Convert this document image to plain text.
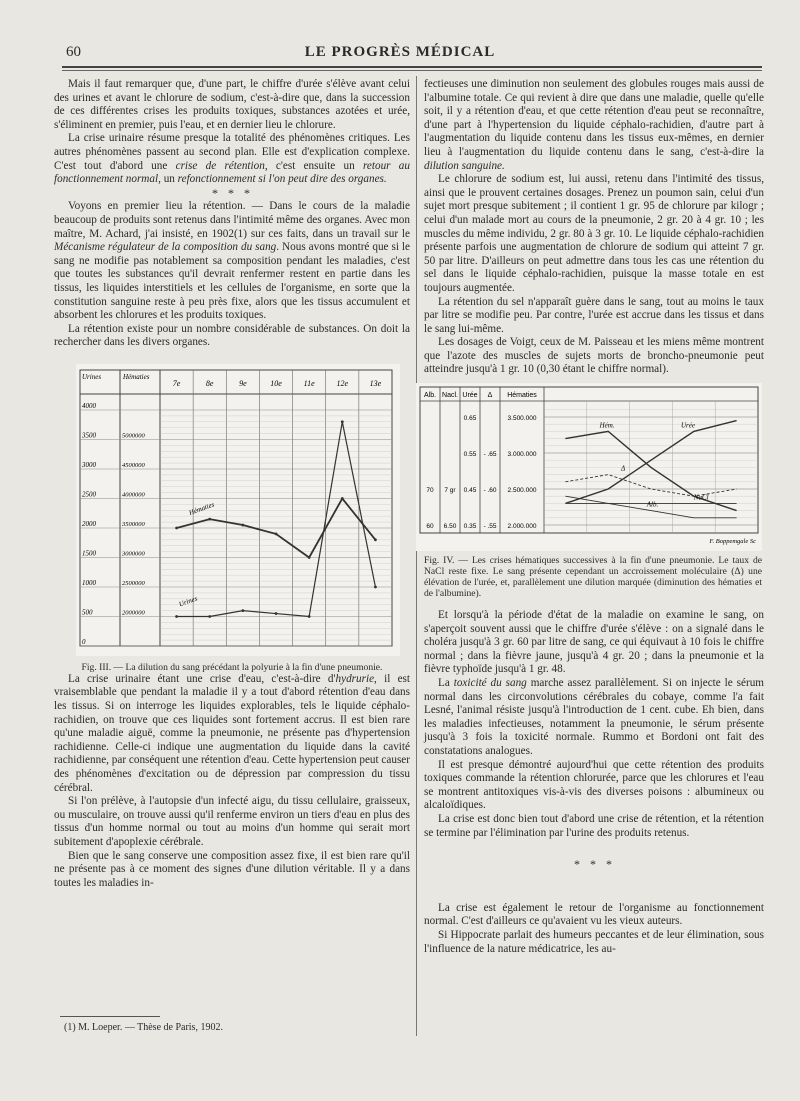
60	LE PROGRÈS MÉDICAL

Mais il faut remarquer que, d'une part, le chiffre d'urée s'élève avant celui des urines et avant le chlorure de sodium, c'est-à-dire que, dans la succession de ces différentes crises les produits toxiques, substances azotées et urée, s'éliminent en premier, puis l'eau, et en dernier lieu le chlorure.

La crise urinaire résume presque la totalité des phénomènes critiques. Les autres phénomènes passent au second plan. Elle est d'explication complexe. C'est tout d'abord une crise de rétention, c'est ensuite un retour au fonctionnement normal, un refonctionnement si l'on peut dire des organes.

* * *

Voyons en premier lieu la rétention. — Dans le cours de la maladie beaucoup de produits sont retenus dans l'intimité même des organes. Avec mon maître, M. Achard, j'ai insisté, en 1902(1) sur ces faits, dans un travail sur le Mécanisme régulateur de la composition du sang. Nous avons montré que si le sang ne modifie pas notablement sa composition pendant les maladies, c'est que toutes les substances qu'il devrait renfermer restent en partie dans les tissus, les liquides interstitiels et les cellules de l'organisme, en sorte que la constitution sanguine reste à peu près fixe, alors que les tissus accumulent et absorbent les chlorures et les produits toxiques.

La rétention existe pour un nombre considérable de substances. On doit la rechercher dans les divers organes.

Urines	Hématies
7e	8e	9e	10e	11e	12e	13e
4000
3500
3000
2500
2000
1500
1000
500
0
5000000
4500000
4000000
3500000
3000000
2500000
2000000
Hématies
Urines

Fig. III. — La dilution du sang précédant la polyurie à la fin d'une pneumonie.

La crise urinaire étant une crise d'eau, c'est-à-dire d'hydrurie, il est vraisemblable que pendant la maladie il y a tout d'abord rétention d'eau dans les tissus. Si on interroge les liquides explorables, tels le liquide céphalo-rachidien, on trouve que ces liquides sont fortement accrus. Il est bien rare qu'une maladie aiguë, comme la pneumonie, ne présente pas d'hypertension rachidienne. Celle-ci indique une augmentation du liquide dans la cavité rachidienne, par conséquent une rétention d'eau. Cette hypertension peut causer des phénomènes d'excitation ou de dépression par compression du tissu cérébral.

Si l'on prélève, à l'autopsie d'un infecté aigu, du tissu cellulaire, graisseux, ou musculaire, on trouve aussi qu'il renferme environ un tiers d'eau en plus des tissus d'un homme normal ou tout au moins d'un homme qui serait mort subitement d'apoplexie cérébrale.

Bien que le sang conserve une composition assez fixe, il est bien rare qu'il ne présente pas à ce moment des signes d'une dilution véritable. Il y a dans toutes les maladies in-

fectieuses une diminution non seulement des globules rouges mais aussi de l'albumine totale. Ce qui revient à dire que dans une maladie, quelle qu'elle soit, il y a rétention d'eau, et que cette rétention d'eau peut se reconnaître, d'une part à l'hypertension du liquide céphalo-rachidien, d'autre part à l'augmentation du liquide contenu dans les tissus eux-mêmes, en dernier lieu à l'augmentation du liquide contenu dans le sang, c'est-à-dire la dilution sanguine.

Le chlorure de sodium est, lui aussi, retenu dans l'intimité des tissus, ainsi que le prouvent certaines dosages. Prenez un poumon sain, celui d'un sujet mort presque subitement ; il contient 1 gr. 95 de chlorure par kilogr ; celui d'un malade mort au cours de la pneumonie, 2 gr. 20 à 4 gr. 10 ; les muscles du même individu, 2 gr. 80 à 3 gr. 10. Le liquide céphalo-rachidien présente parfois une augmentation de chlorure de sodium qui atteint 7 gr. 50 par litre. D'ailleurs on peut admettre dans tous les cas une rétention du sel dans le liquide céphalo-rachidien, puisque la masse totale en est toujours augmentée.

La rétention du sel n'apparaît guère dans le sang, tout au moins le taux par litre se modifie peu. Par contre, l'urée est accrue dans les tissus et dans le sang lui-même.

Les dosages de Voigt, ceux de M. Paisseau et les miens même montrent que l'azote des muscles de sujets morts de broncho-pneumonie peut atteindre jusqu'à 1 gr. 10 (0,30 étant le chiffre normal).

Alb. Nacl. Urée Δ Hématies
0.65	3.500.000
0.55 - .65 3.000.000
70 7 gr 0.45 - .60 2.500.000
60 6.50 0.35 - .55 2.000.000
Hém.	Urée
NaCl
Alb.
Δ
F. Boppemgale Sc

Fig. IV. — Les crises hématiques successives à la fin d'une pneumonie. Le taux de NaCl reste fixe. Le sang présente cependant un accroissement moléculaire (Δ) une élévation de l'urée, et, parallèlement une dilution marquée (diminution des hématies et de l'albumine).

Et lorsqu'à la période d'état de la maladie on examine le sang, on s'aperçoit souvent aussi que le chiffre d'urée s'élève : on a signalé dans le choléra jusqu'à 3 gr. 60 par litre de sang, ce qui équivaut à 10 fois le chiffre normal ; dans la fièvre jaune, jusqu'à 4 gr. 20 ; dans la pneumonie et la fièvre typhoïde jusqu'à 1 gr. 48.

La toxicité du sang marche assez parallèlement. Si on injecte le sérum normal dans les circonvolutions cérébrales du cobaye, comme l'a fait Lesné, l'animal résiste jusqu'à l'introduction de 1 cent. cube. Eh bien, dans les maladies infectieuses, notamment la pneumonie, le sérum présente jusqu'à 3 fois la toxicité normale. Rummo et Bordoni ont fait des constatations analogues.

Il est presque démontré aujourd'hui que cette rétention des produits toxiques commande la rétention chlorurée, parce que les chlorures et l'eau se montrent antitoxiques vis-à-vis des diverses poisons : albumineux ou alcaloïdiques.

La crise est donc bien tout d'abord une crise de rétention, et la rétention se termine par l'élimination par l'urine des produits retenus.

* * *

La crise est également le retour de l'organisme au fonctionnement normal. C'est d'ailleurs ce qu'avaient vu les vieux auteurs.

Si Hippocrate parlait des humeurs peccantes et de leur élimination, sous l'influence de la nature médicatrice, les au-

(1) M. Loeper. — Thèse de Paris, 1902.
